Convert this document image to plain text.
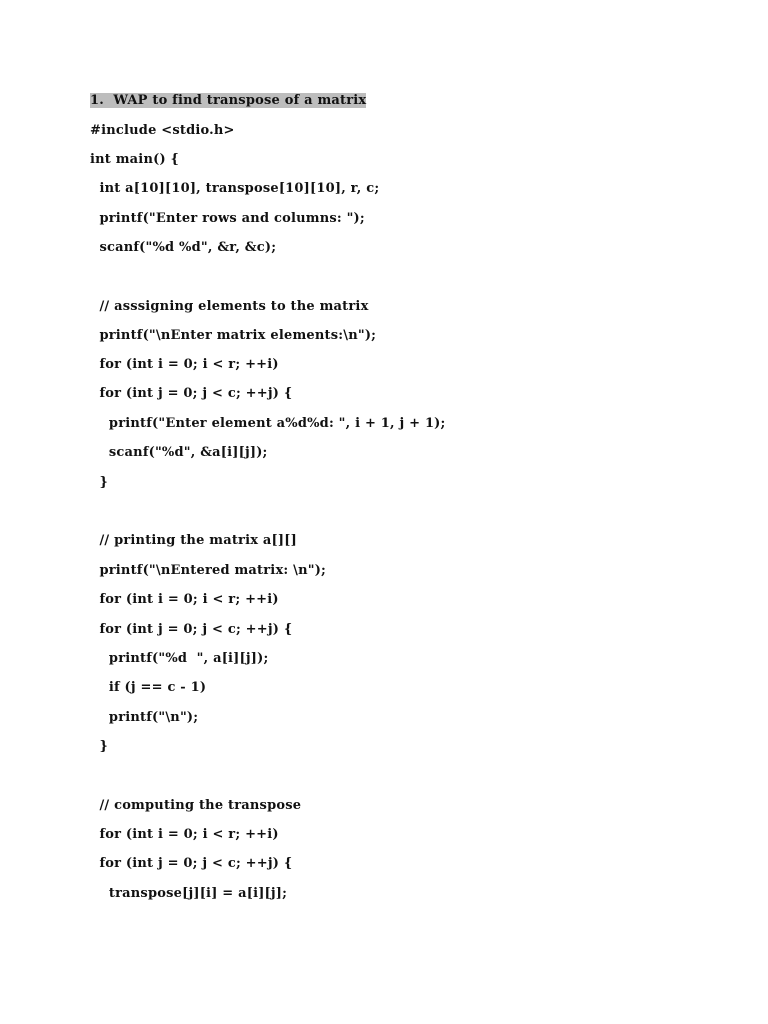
1.  WAP to find transpose of a matrix
#include <stdio.h>
int main() {
int a[10][10], transpose[10][10], r, c;
printf("Enter rows and columns: ");
scanf("%d %d", &r, &c);
// asssigning elements to the matrix
printf("\nEnter matrix elements:\n");
for (int i = 0; i < r; ++i)
for (int j = 0; j < c; ++j) {
printf("Enter element a%d%d: ", i + 1, j + 1);
scanf("%d", &a[i][j]);
}
// printing the matrix a[][]
printf("\nEntered matrix: \n");
for (int i = 0; i < r; ++i)
for (int j = 0; j < c; ++j) {
printf("%d  ", a[i][j]);
if (j == c - 1)
printf("\n");
}
// computing the transpose
for (int i = 0; i < r; ++i)
for (int j = 0; j < c; ++j) {
transpose[j][i] = a[i][j];
